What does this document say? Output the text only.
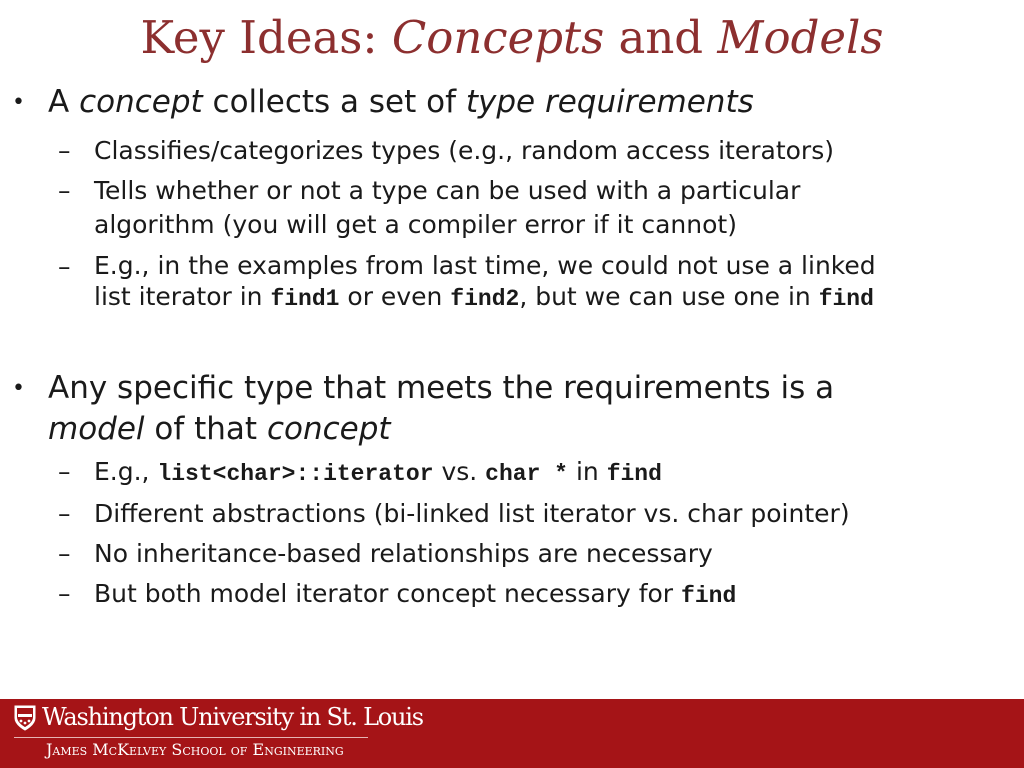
Key Ideas: Concepts and Models
• A concept collects a set of type requirements
– Classifies/categorizes types (e.g., random access iterators)
– Tells whether or not a type can be used with a particular
algorithm (you will get a compiler error if it cannot)
– E.g., in the examples from last time, we could not use a linked
list iterator in find1 or even find2, but we can use one in find
• Any specific type that meets the requirements is a
model of that concept
– E.g., list<char>::iterator vs. char * in find
– Different abstractions (bi-linked list iterator vs. char pointer)
– No inheritance-based relationships are necessary
– But both model iterator concept necessary for find
Washington University in St. Louis
James McKelvey School of Engineering
